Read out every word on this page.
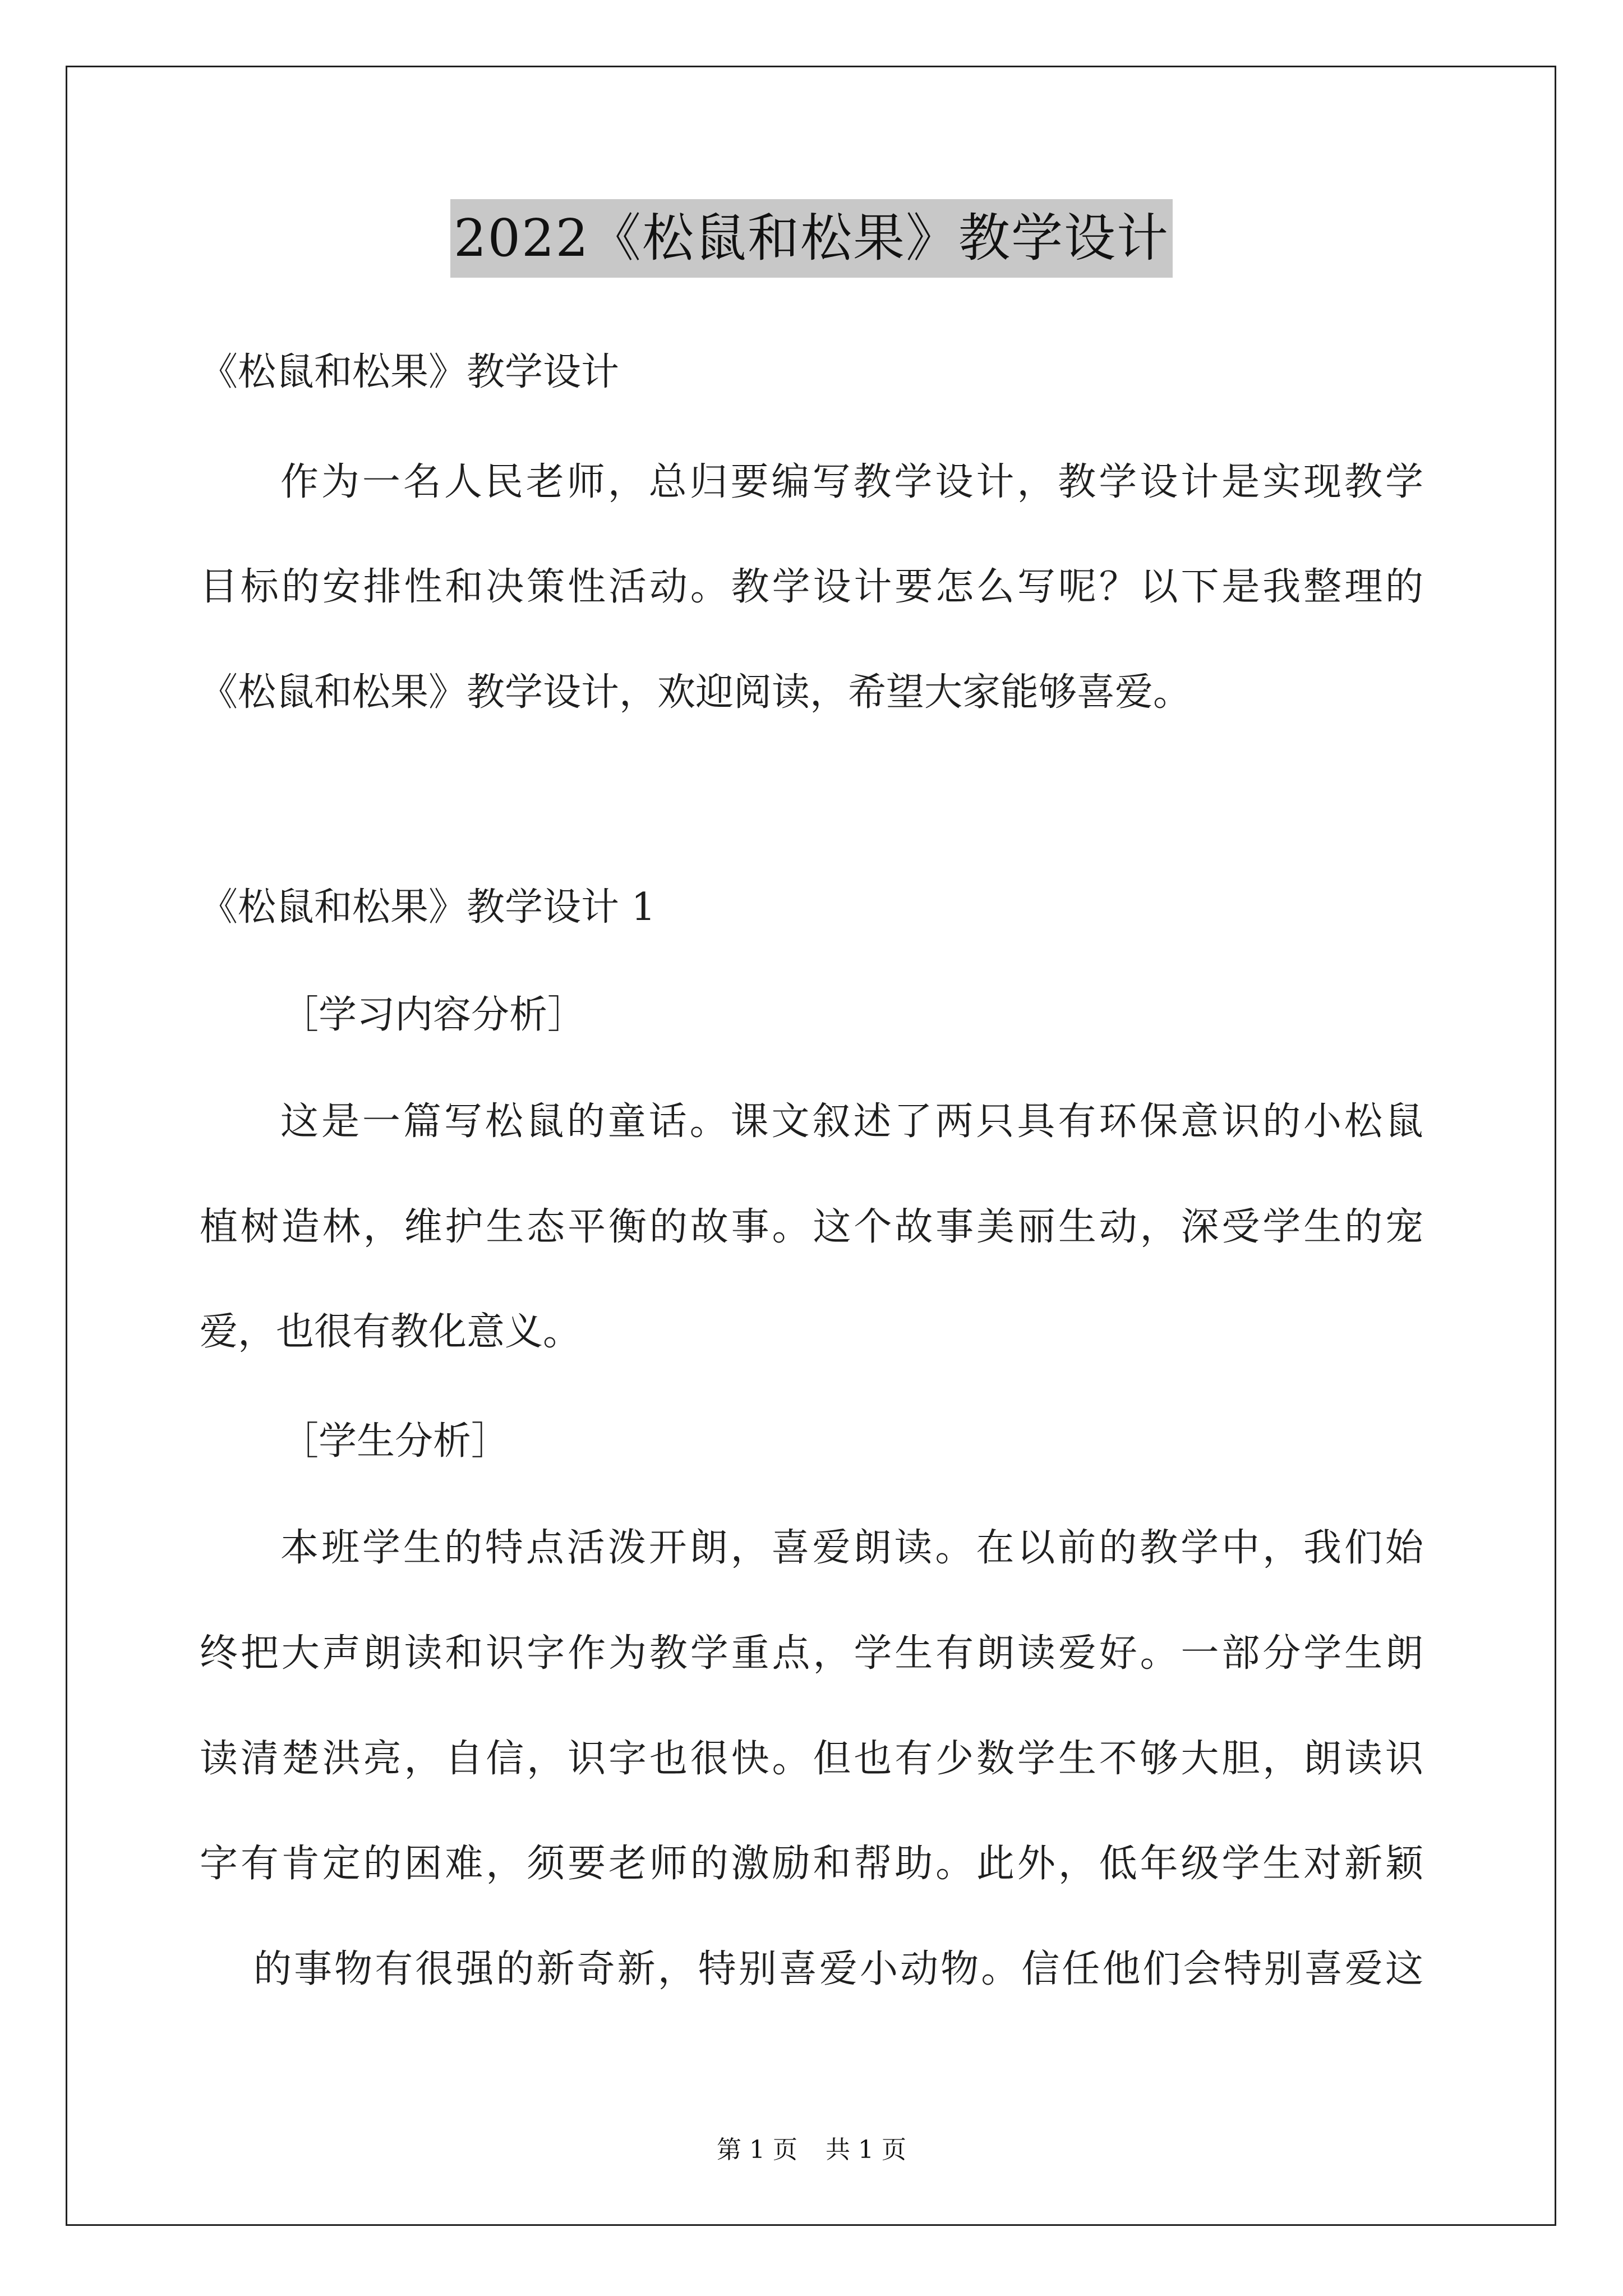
2022《松鼠和松果》教学设计
《松鼠和松果》教学设计
作为一名人民老师，总归要编写教学设计，教学设计是实现教学
目标的安排性和决策性活动。教学设计要怎么写呢？以下是我整理的
《松鼠和松果》教学设计，欢迎阅读，希望大家能够喜爱。
《松鼠和松果》教学设计 1
［学习内容分析］
这是一篇写松鼠的童话。课文叙述了两只具有环保意识的小松鼠
植树造林，维护生态平衡的故事。这个故事美丽生动，深受学生的宠
爱，也很有教化意义。
［学生分析］
本班学生的特点活泼开朗，喜爱朗读。在以前的教学中，我们始
终把大声朗读和识字作为教学重点，学生有朗读爱好。一部分学生朗
读清楚洪亮，自信，识字也很快。但也有少数学生不够大胆，朗读识
字有肯定的困难，须要老师的激励和帮助。此外，低年级学生对新颖
的事物有很强的新奇新，特别喜爱小动物。信任他们会特别喜爱这
第 1 页 共 1 页
